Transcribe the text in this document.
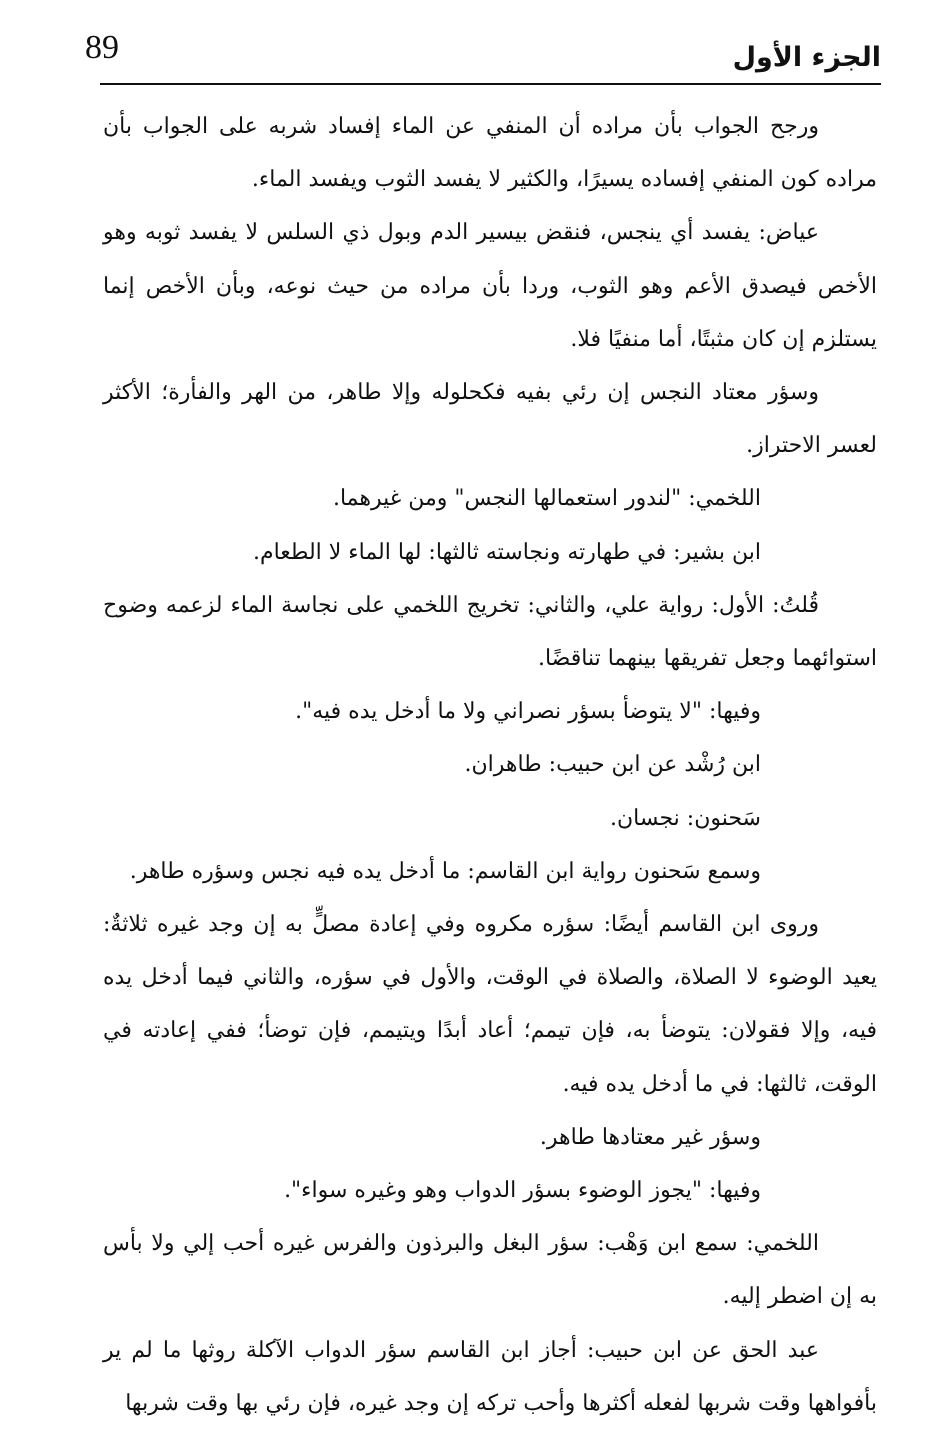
89	الجزء الأول

ورجح الجواب بأن مراده أن المنفي عن الماء إفساد شربه على الجواب بأن مراده كون المنفي إفساده يسيرًا، والكثير لا يفسد الثوب ويفسد الماء.

عياض: يفسد أي ينجس، فنقض بيسير الدم وبول ذي السلس لا يفسد ثوبه وهو الأخص فيصدق الأعم وهو الثوب، وردا بأن مراده من حيث نوعه، وبأن الأخص إنما يستلزم إن كان مثبتًا، أما منفيًا فلا.

وسؤر معتاد النجس إن رئي بفيه فكحلوله وإلا طاهر، من الهر والفأرة؛ الأكثر لعسر الاحتراز.

اللخمي: "لندور استعمالها النجس" ومن غيرهما.

ابن بشير: في طهارته ونجاسته ثالثها: لها الماء لا الطعام.

قُلتُ: الأول: رواية علي، والثاني: تخريج اللخمي على نجاسة الماء لزعمه وضوح استوائهما وجعل تفريقها بينهما تناقضًا.

وفيها: "لا يتوضأ بسؤر نصراني ولا ما أدخل يده فيه".

ابن رُشْد عن ابن حبيب: طاهران.

سَحنون: نجسان.

وسمع سَحنون رواية ابن القاسم: ما أدخل يده فيه نجس وسؤره طاهر.

وروى ابن القاسم أيضًا: سؤره مكروه وفي إعادة مصلٍّ به إن وجد غيره ثلاثةٌ: يعيد الوضوء لا الصلاة، والصلاة في الوقت، والأول في سؤره، والثاني فيما أدخل يده فيه، وإلا فقولان: يتوضأ به، فإن تيمم؛ أعاد أبدًا ويتيمم، فإن توضأ؛ ففي إعادته في الوقت، ثالثها: في ما أدخل يده فيه.

وسؤر غير معتادها طاهر.

وفيها: "يجوز الوضوء بسؤر الدواب وهو وغيره سواء".

اللخمي: سمع ابن وَهْب: سؤر البغل والبرذون والفرس غيره أحب إلي ولا بأس به إن اضطر إليه.

عبد الحق عن ابن حبيب: أجاز ابن القاسم سؤر الدواب الآكلة روثها ما لم ير بأفواهها وقت شربها لفعله أكثرها وأحب تركه إن وجد غيره، فإن رئي بها وقت شربها
